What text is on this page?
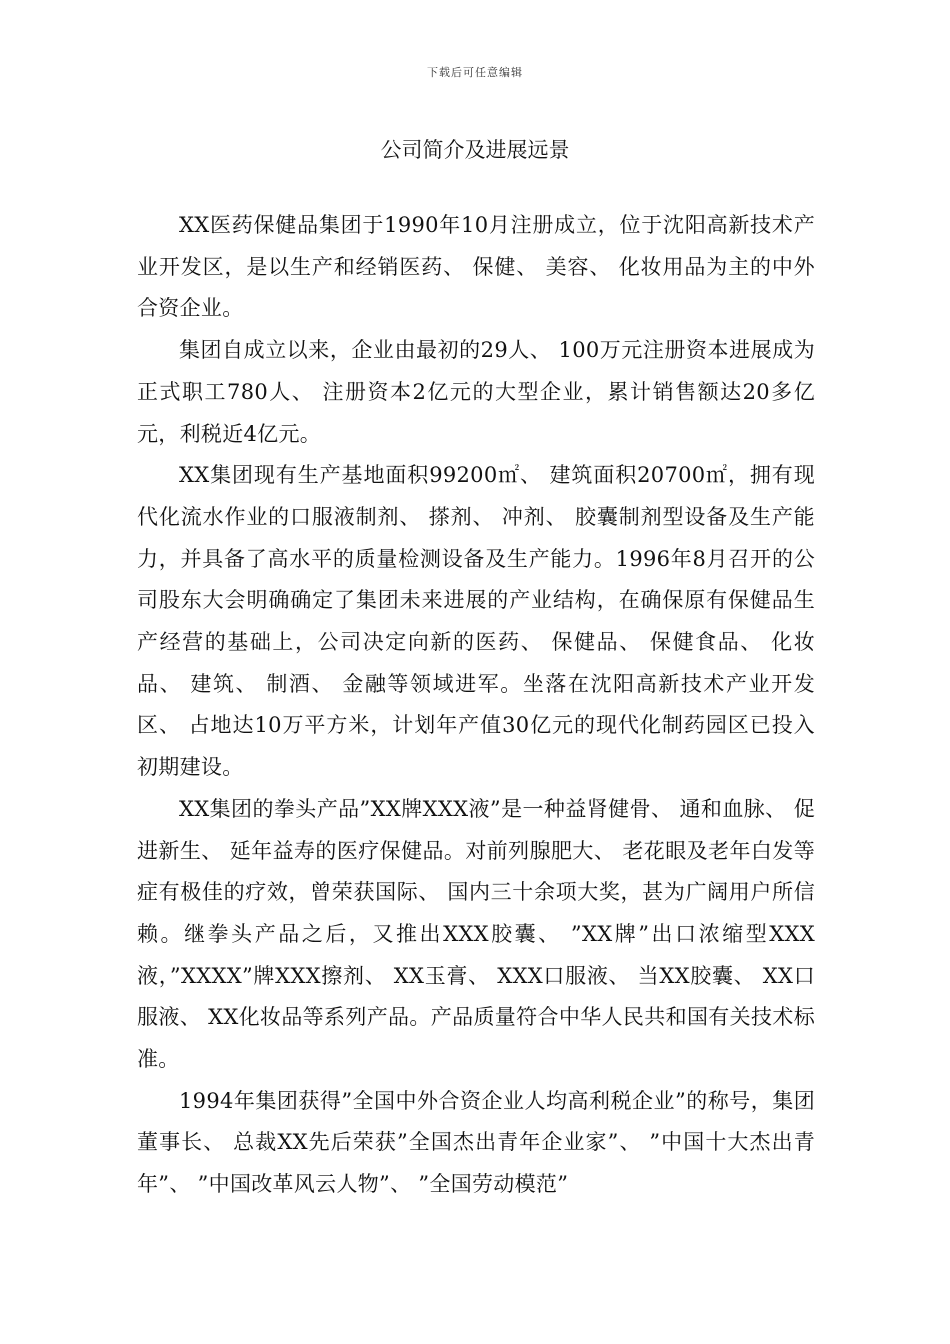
下载后可任意编辑
公司简介及进展远景

XX医药保健品集团于1990年10月注册成立，位于沈阳高新技术产业开发区，是以生产和经销医药、 保健、 美容、 化妆用品为主的中外合资企业。

集团自成立以来，企业由最初的29人、 100万元注册资本进展成为正式职工780人、 注册资本2亿元的大型企业，累计销售额达20多亿元，利税近4亿元。

XX集团现有生产基地面积99200㎡、 建筑面积20700㎡，拥有现代化流水作业的口服液制剂、 搽剂、 冲剂、 胶囊制剂型设备及生产能力，并具备了高水平的质量检测设备及生产能力。1996年8月召开的公司股东大会明确确定了集团未来进展的产业结构，在确保原有保健品生产经营的基础上，公司决定向新的医药、 保健品、 保健食品、 化妆品、 建筑、 制酒、 金融等领域进军。坐落在沈阳高新技术产业开发区、 占地达10万平方米，计划年产值30亿元的现代化制药园区已投入初期建设。

XX集团的拳头产品”XX牌XXX液”是一种益肾健骨、 通和血脉、 促进新生、 延年益寿的医疗保健品。对前列腺肥大、 老花眼及老年白发等症有极佳的疗效，曾荣获国际、 国内三十余项大奖，甚为广阔用户所信赖。继拳头产品之后，又推出XXX胶囊、 ”XX牌”出口浓缩型XXX液，”XXXX”牌XXX擦剂、 XX玉膏、 XXX口服液、 当XX胶囊、 XX口服液、 XX化妆品等系列产品。产品质量符合中华人民共和国有关技术标准。

1994年集团获得”全国中外合资企业人均高利税企业”的称号，集团董事长、 总裁XX先后荣获”全国杰出青年企业家”、 ”中国十大杰出青年”、 ”中国改革风云人物”、 ”全国劳动模范”
